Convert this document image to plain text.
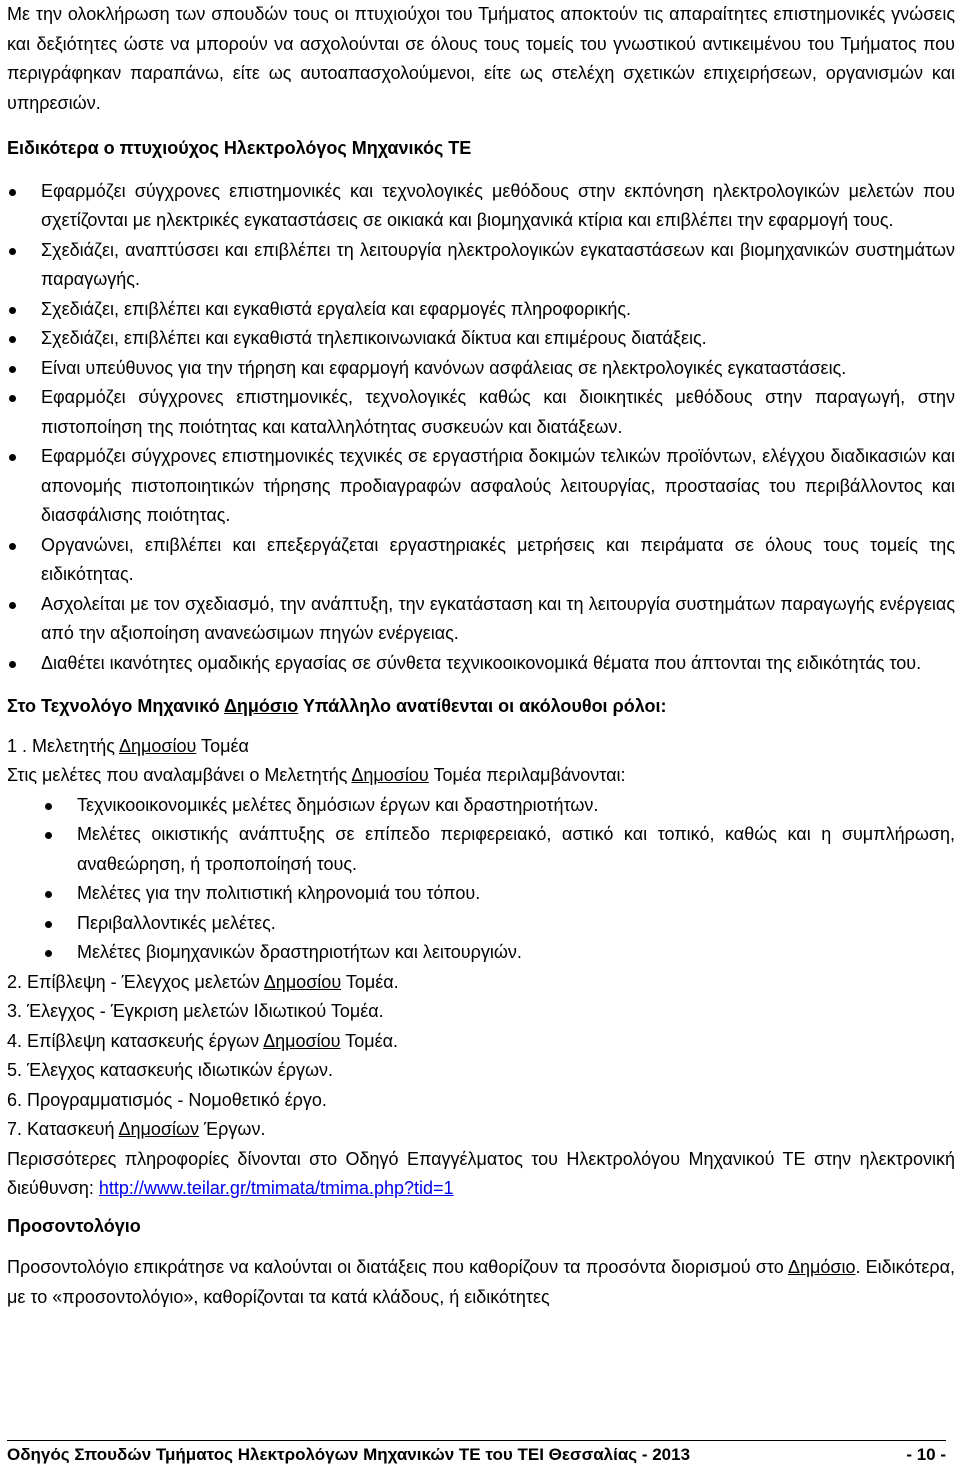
Με την ολοκλήρωση των σπουδών τους οι πτυχιούχοι του Τμήματος αποκτούν τις απαραίτητες επιστημονικές γνώσεις και δεξιότητες ώστε να μπορούν να ασχολούνται σε όλους τους τομείς του γνωστικού αντικειμένου του Τμήματος που περιγράφηκαν παραπάνω, είτε ως αυτοαπασχολούμενοι, είτε ως στελέχη σχετικών επιχειρήσεων, οργανισμών και υπηρεσιών.

Ειδικότερα ο πτυχιούχος Ηλεκτρολόγος Μηχανικός ΤΕ

Εφαρμόζει σύγχρονες επιστημονικές και τεχνολογικές μεθόδους στην εκπόνηση ηλεκτρολογικών μελετών που σχετίζονται με ηλεκτρικές εγκαταστάσεις σε οικιακά και βιομηχανικά κτίρια και επιβλέπει την εφαρμογή τους.
Σχεδιάζει, αναπτύσσει και επιβλέπει τη λειτουργία ηλεκτρολογικών εγκαταστάσεων και βιομηχανικών συστημάτων παραγωγής.
Σχεδιάζει, επιβλέπει και εγκαθιστά εργαλεία και εφαρμογές πληροφορικής.
Σχεδιάζει, επιβλέπει και εγκαθιστά τηλεπικοινωνιακά δίκτυα και επιμέρους διατάξεις.
Είναι υπεύθυνος για την τήρηση και εφαρμογή κανόνων ασφάλειας σε ηλεκτρολογικές εγκαταστάσεις.
Εφαρμόζει σύγχρονες επιστημονικές, τεχνολογικές καθώς και διοικητικές μεθόδους στην παραγωγή, στην πιστοποίηση της ποιότητας και καταλληλότητας συσκευών και διατάξεων.
Εφαρμόζει σύγχρονες επιστημονικές τεχνικές σε εργαστήρια δοκιμών τελικών προϊόντων, ελέγχου διαδικασιών και απονομής πιστοποιητικών τήρησης προδιαγραφών ασφαλούς λειτουργίας, προστασίας του περιβάλλοντος και διασφάλισης ποιότητας.
Οργανώνει, επιβλέπει και επεξεργάζεται εργαστηριακές μετρήσεις και πειράματα σε όλους τους τομείς της ειδικότητας.
Ασχολείται με τον σχεδιασμό, την ανάπτυξη, την εγκατάσταση και τη λειτουργία συστημάτων παραγωγής ενέργειας από την αξιοποίηση ανανεώσιμων πηγών ενέργειας.
Διαθέτει ικανότητες ομαδικής εργασίας σε σύνθετα τεχνικοοικονομικά θέματα που άπτονται της ειδικότητάς του.

Στο Τεχνολόγο Μηχανικό Δημόσιο Υπάλληλο ανατίθενται οι ακόλουθοι ρόλοι:

1 . Μελετητής Δημοσίου Τομέα

Στις μελέτες που αναλαμβάνει ο Μελετητής Δημοσίου Τομέα περιλαμβάνονται:

Τεχνικοοικονομικές μελέτες δημόσιων έργων και δραστηριοτήτων.
Μελέτες οικιστικής ανάπτυξης σε επίπεδο περιφερειακό, αστικό και τοπικό, καθώς και η συμπλήρωση, αναθεώρηση, ή τροποποίησή τους.
Μελέτες για την πολιτιστική κληρονομιά του τόπου.
Περιβαλλοντικές μελέτες.
Μελέτες βιομηχανικών δραστηριοτήτων και λειτουργιών.

2. Επίβλεψη - Έλεγχος μελετών Δημοσίου Τομέα.

3. Έλεγχος - Έγκριση μελετών Ιδιωτικού Τομέα.

4. Επίβλεψη κατασκευής έργων Δημοσίου Τομέα.

5. Έλεγχος κατασκευής ιδιωτικών έργων.

6. Προγραμματισμός - Νομοθετικό έργο.

7. Κατασκευή Δημοσίων Έργων.

Περισσότερες πληροφορίες δίνονται στο Οδηγό Επαγγέλματος του Ηλεκτρολόγου Μηχανικού ΤΕ στην ηλεκτρονική διεύθυνση: http://www.teilar.gr/tmimata/tmima.php?tid=1

Προσοντολόγιο

Προσοντολόγιο επικράτησε να καλούνται οι διατάξεις που καθορίζουν τα προσόντα διορισμού στο Δημόσιο. Ειδικότερα, με το «προσοντολόγιο», καθορίζονται τα κατά κλάδους, ή ειδικότητες

Οδηγός Σπουδών Τμήματος Ηλεκτρολόγων Μηχανικών ΤΕ του ΤΕΙ Θεσσαλίας - 2013	- 10 -
